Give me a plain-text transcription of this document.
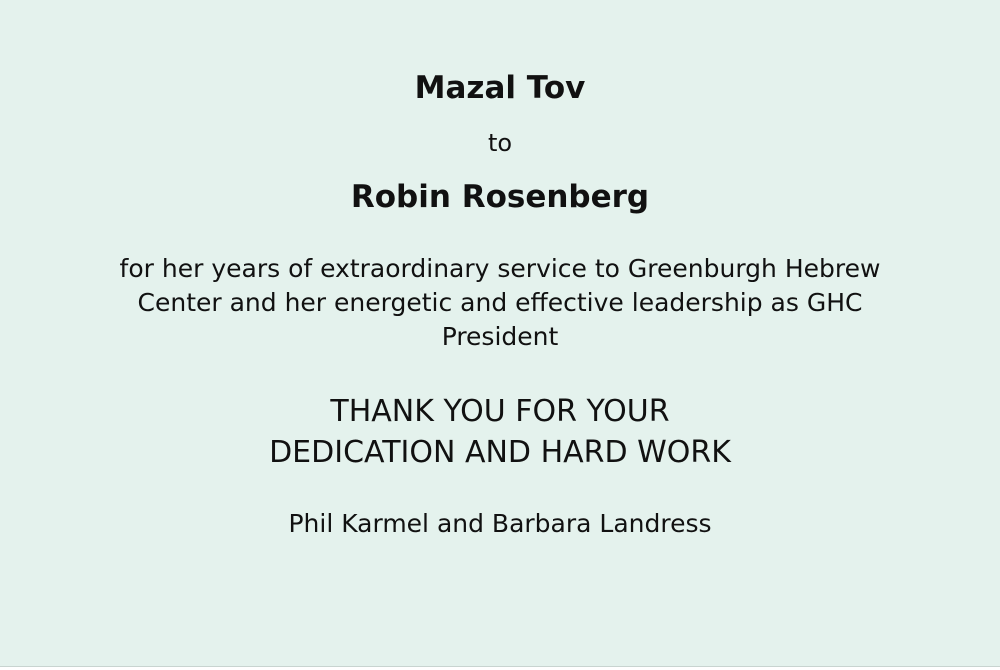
Mazal Tov

to

Robin Rosenberg

for her years of extraordinary service to Greenburgh Hebrew
Center and her energetic and effective leadership as GHC
President

THANK YOU FOR YOUR
DEDICATION AND HARD WORK

Phil Karmel and Barbara Landress
